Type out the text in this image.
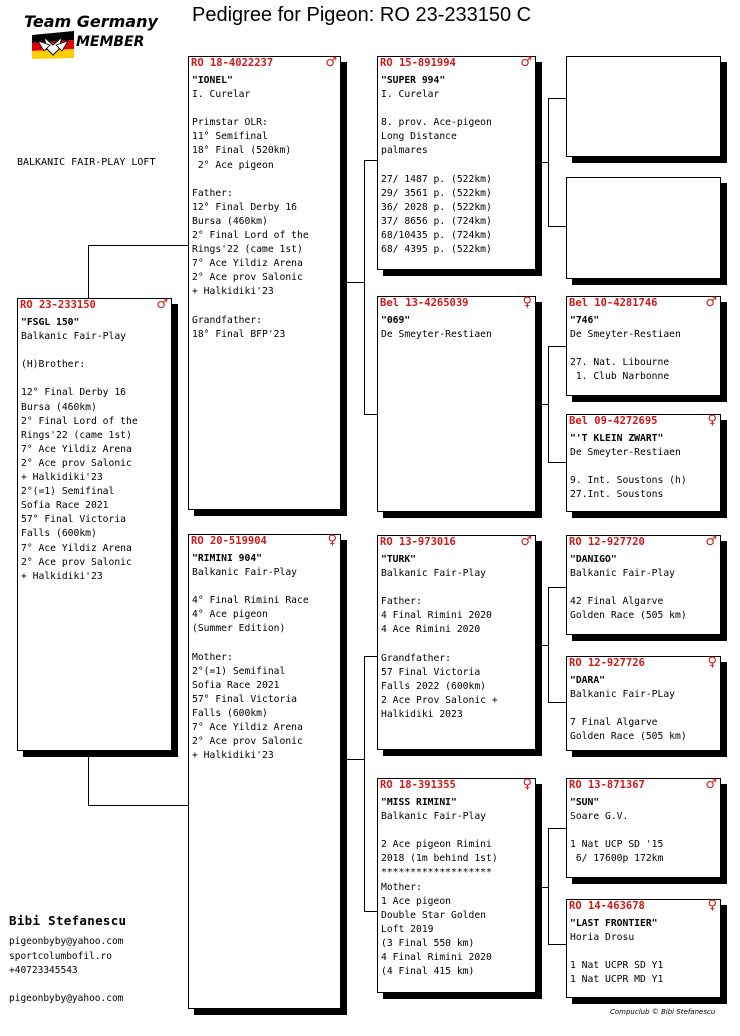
Team Germany
MEMBER
Pedigree for Pigeon: RO 23-233150 C
BALKANIC FAIR-PLAY LOFT
RO 23-233150	♂
"FSGL 150"
Balkanic Fair-Play

(H)Brother:

12° Final Derby 16
Bursa (460km)
2° Final Lord of the
Rings'22 (came 1st)
7° Ace Yildiz Arena
2° Ace prov Salonic
+ Halkidiki'23
2°(=1) Semifinal
Sofia Race 2021
57° Final Victoria
Falls (600km)
7° Ace Yildiz Arena
2° Ace prov Salonic
+ Halkidiki'23
RO 18-4022237	♂
"IONEL"
I. Curelar

Primstar OLR:
11° Semifinal
18° Final (520km)
2° Ace pigeon

Father:
12° Final Derby 16
Bursa (460km)
2° Final Lord of the
Rings'22 (came 1st)
7° Ace Yildiz Arena
2° Ace prov Salonic
+ Halkidiki'23

Grandfather:
18° Final BFP'23
RO 20-519904	♀
"RIMINI 904"
Balkanic Fair-Play

4° Final Rimini Race
4° Ace pigeon
(Summer Edition)

Mother:
2°(=1) Semifinal
Sofia Race 2021
57° Final Victoria
Falls (600km)
7° Ace Yildiz Arena
2° Ace prov Salonic
+ Halkidiki'23
RO 15-891994	♂
"SUPER 994"
I. Curelar

8. prov. Ace-pigeon
Long Distance
palmares

27/ 1487 p. (522km)
29/ 3561 p. (522km)
36/ 2028 p. (522km)
37/ 8656 p. (724km)
68/10435 p. (724km)
68/ 4395 p. (522km)
Bel 13-4265039	♀
"069"
De Smeyter-Restiaen
RO 13-973016	♂
"TURK"
Balkanic Fair-Play

Father:
4 Final Rimini 2020
4 Ace Rimini 2020

Grandfather:
57 Final Victoria
Falls 2022 (600km)
2 Ace Prov Salonic +
Halkidiki 2023
RO 18-391355	♀
"MISS RIMINI"
Balkanic Fair-Play

2 Ace pigeon Rimini
2018 (1m behind 1st)
*******************
Mother:
1 Ace pigeon
Double Star Golden
Loft 2019
(3 Final 550 km)
4 Final Rimini 2020
(4 Final 415 km)
Bel 10-4281746	♂
"746"
De Smeyter-Restiaen

27. Nat. Libourne
1. Club Narbonne
Bel 09-4272695	♀
"'T KLEIN ZWART"
De Smeyter-Restiaen

9. Int. Soustons (h)
27.Int. Soustons
RO 12-927720	♂
"DANIGO"
Balkanic Fair-Play

42 Final Algarve
Golden Race (505 km)
RO 12-927726	♀
"DARA"
Balkanic Fair-PLay

7 Final Algarve
Golden Race (505 km)
RO 13-871367	♂
"SUN"
Soare G.V.

1 Nat UCP SD '15
6/ 17600p 172km
RO 14-463678	♀
"LAST FRONTIER"
Horia Drosu

1 Nat UCPR SD Y1
1 Nat UCPR MD Y1
Bibi Stefanescu
pigeonbyby@yahoo.com
sportcolumbofil.ro
+40723345543
pigeonbyby@yahoo.com
Compuclub © Bibi Stefanescu
